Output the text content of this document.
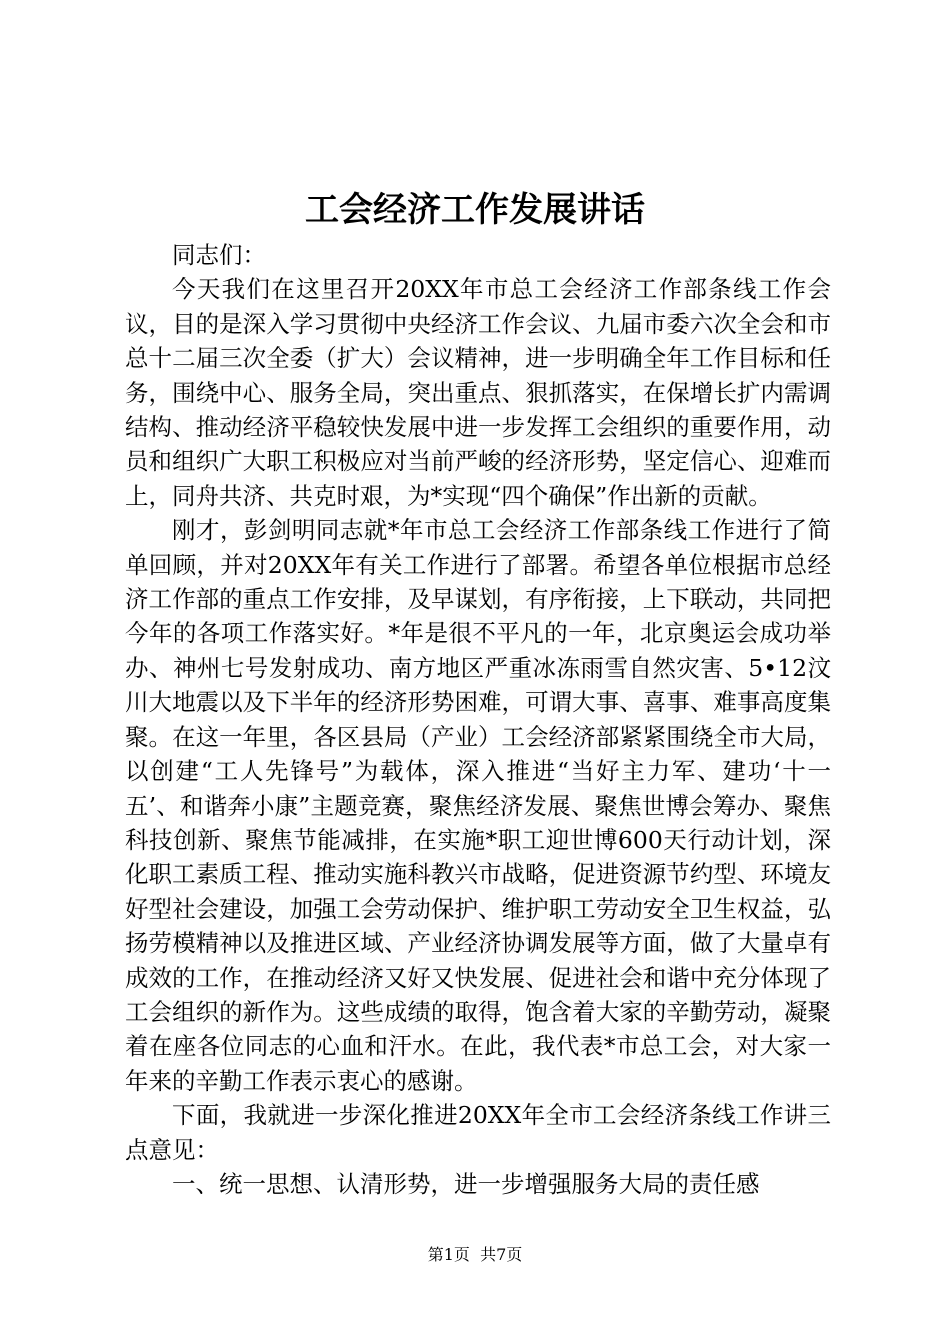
工会经济工作发展讲话

同志们：

今天我们在这里召开20XX年市总工会经济工作部条线工作会议，目的是深入学习贯彻中央经济工作会议、九届市委六次全会和市总十二届三次全委（扩大）会议精神，进一步明确全年工作目标和任务，围绕中心、服务全局，突出重点、狠抓落实，在保增长扩内需调结构、推动经济平稳较快发展中进一步发挥工会组织的重要作用，动员和组织广大职工积极应对当前严峻的经济形势，坚定信心、迎难而上，同舟共济、共克时艰，为*实现“四个确保”作出新的贡献。

刚才，彭剑明同志就*年市总工会经济工作部条线工作进行了简单回顾，并对20XX年有关工作进行了部署。希望各单位根据市总经济工作部的重点工作安排，及早谋划，有序衔接，上下联动，共同把今年的各项工作落实好。*年是很不平凡的一年，北京奥运会成功举办、神州七号发射成功、南方地区严重冰冻雨雪自然灾害、5•12汶川大地震以及下半年的经济形势困难，可谓大事、喜事、难事高度集聚。在这一年里，各区县局（产业）工会经济部紧紧围绕全市大局，以创建“工人先锋号”为载体，深入推进“当好主力军、建功‘十一五’、和谐奔小康”主题竞赛，聚焦经济发展、聚焦世博会筹办、聚焦科技创新、聚焦节能减排，在实施*职工迎世博600天行动计划，深化职工素质工程、推动实施科教兴市战略，促进资源节约型、环境友好型社会建设，加强工会劳动保护、维护职工劳动安全卫生权益，弘扬劳模精神以及推进区域、产业经济协调发展等方面，做了大量卓有成效的工作，在推动经济又好又快发展、促进社会和谐中充分体现了工会组织的新作为。这些成绩的取得，饱含着大家的辛勤劳动，凝聚着在座各位同志的心血和汗水。在此，我代表*市总工会，对大家一年来的辛勤工作表示衷心的感谢。

下面，我就进一步深化推进20XX年全市工会经济条线工作讲三点意见：

一、统一思想、认清形势，进一步增强服务大局的责任感

第1页  共7页
